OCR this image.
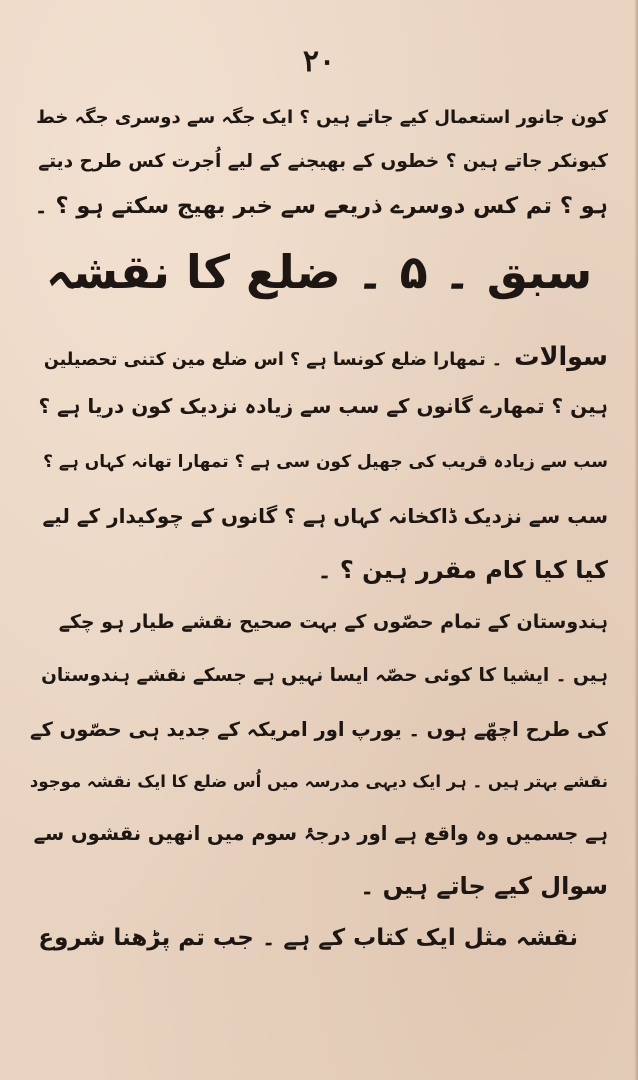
۲۰
کون جانور استعمال کیے جاتے ہیں ؟ ایک جگہ سے دوسری جگہ خط
کیونکر جاتے ہین ؟ خطوں کے بھیجنے کے لیے اُجرت کس طرح دیتے
ہو ؟ تم کس دوسرے ذریعے سے خبر بھیج سکتے ہو ؟ ۔
سبق ۔ ۵ ۔ ضلع کا نقشہ
سوالات ۔ تمھارا ضلع کونسا ہے ؟ اس ضلع مین کتنی تحصیلین
ہین ؟ تمھارے گانوں کے سب سے زیادہ نزدیک کون دریا ہے ؟
سب سے زیادہ قریب کی جھیل کون سی ہے ؟ تمھارا تھانہ کہاں ہے ؟
سب سے نزدیک ڈاکخانہ کہاں ہے ؟ گانوں کے چوکیدار کے لیے
کیا کیا کام مقرر ہین ؟ ۔
ہندوستان کے تمام حصّوں کے بہت صحیح نقشے طیار ہو چکے
ہیں ۔ ایشیا کا کوئی حصّہ ایسا نہیں ہے جسکے نقشے ہندوستان
کی طرح اچھّے ہوں ۔ یورپ اور امریکہ کے جدید ہی حصّوں کے
نقشے بہتر ہیں ۔ ہر ایک دیہی مدرسہ میں اُس ضلع کا ایک نقشہ موجود
ہے جسمیں وہ واقع ہے اور درجۂ سوم میں انھیں نقشوں سے
سوال کیے جاتے ہیں ۔
نقشہ مثل ایک کتاب کے ہے ۔ جب تم پڑھنا شروع
